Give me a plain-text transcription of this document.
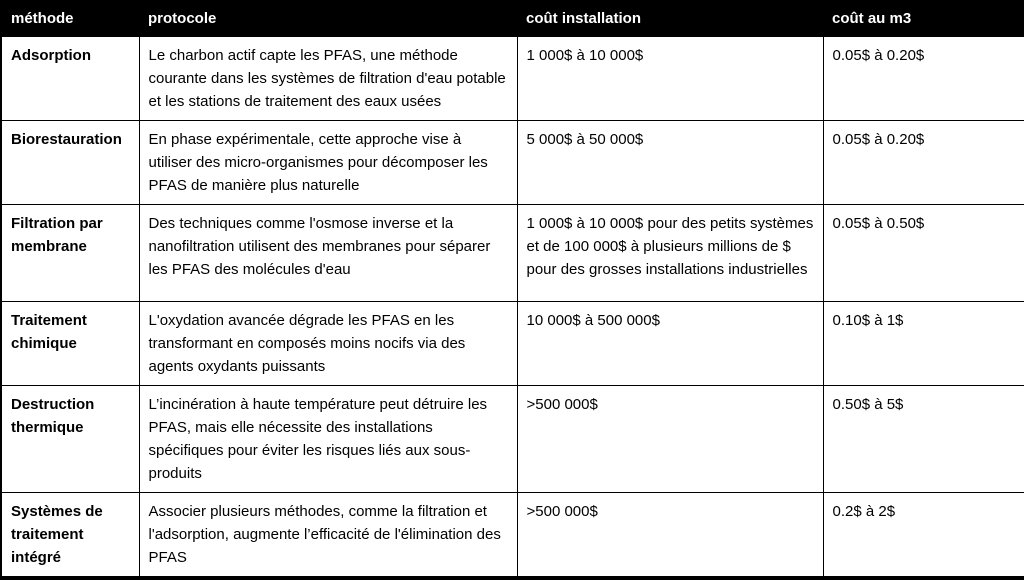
méthode	protocole	coût installation	coût au m3
Adsorption	Le charbon actif capte les PFAS, une méthode courante dans les systèmes de filtration d'eau potable et les stations de traitement des eaux usées	1 000$ à 10 000$	0.05$ à 0.20$
Biorestauration	En phase expérimentale, cette approche vise à utiliser des micro-organismes pour décomposer les PFAS de manière plus naturelle	5 000$ à 50 000$	0.05$ à 0.20$
Filtration par membrane	Des techniques comme l'osmose inverse et la nanofiltration utilisent des membranes pour séparer les PFAS des molécules d'eau	1 000$ à 10 000$ pour des petits systèmes et de 100 000$ à plusieurs millions de $ pour des grosses installations industrielles	0.05$ à 0.50$
Traitement chimique	L'oxydation avancée dégrade les PFAS en les transformant en composés moins nocifs via des agents oxydants puissants	10 000$ à 500 000$	0.10$ à 1$
Destruction thermique	L’incinération à haute température peut détruire les PFAS, mais elle nécessite des installations spécifiques pour éviter les risques liés aux sous-produits	>500 000$	0.50$ à 5$
Systèmes de traitement intégré	Associer plusieurs méthodes, comme la filtration et l'adsorption, augmente l’efficacité de l'élimination des PFAS	>500 000$	0.2$ à 2$
